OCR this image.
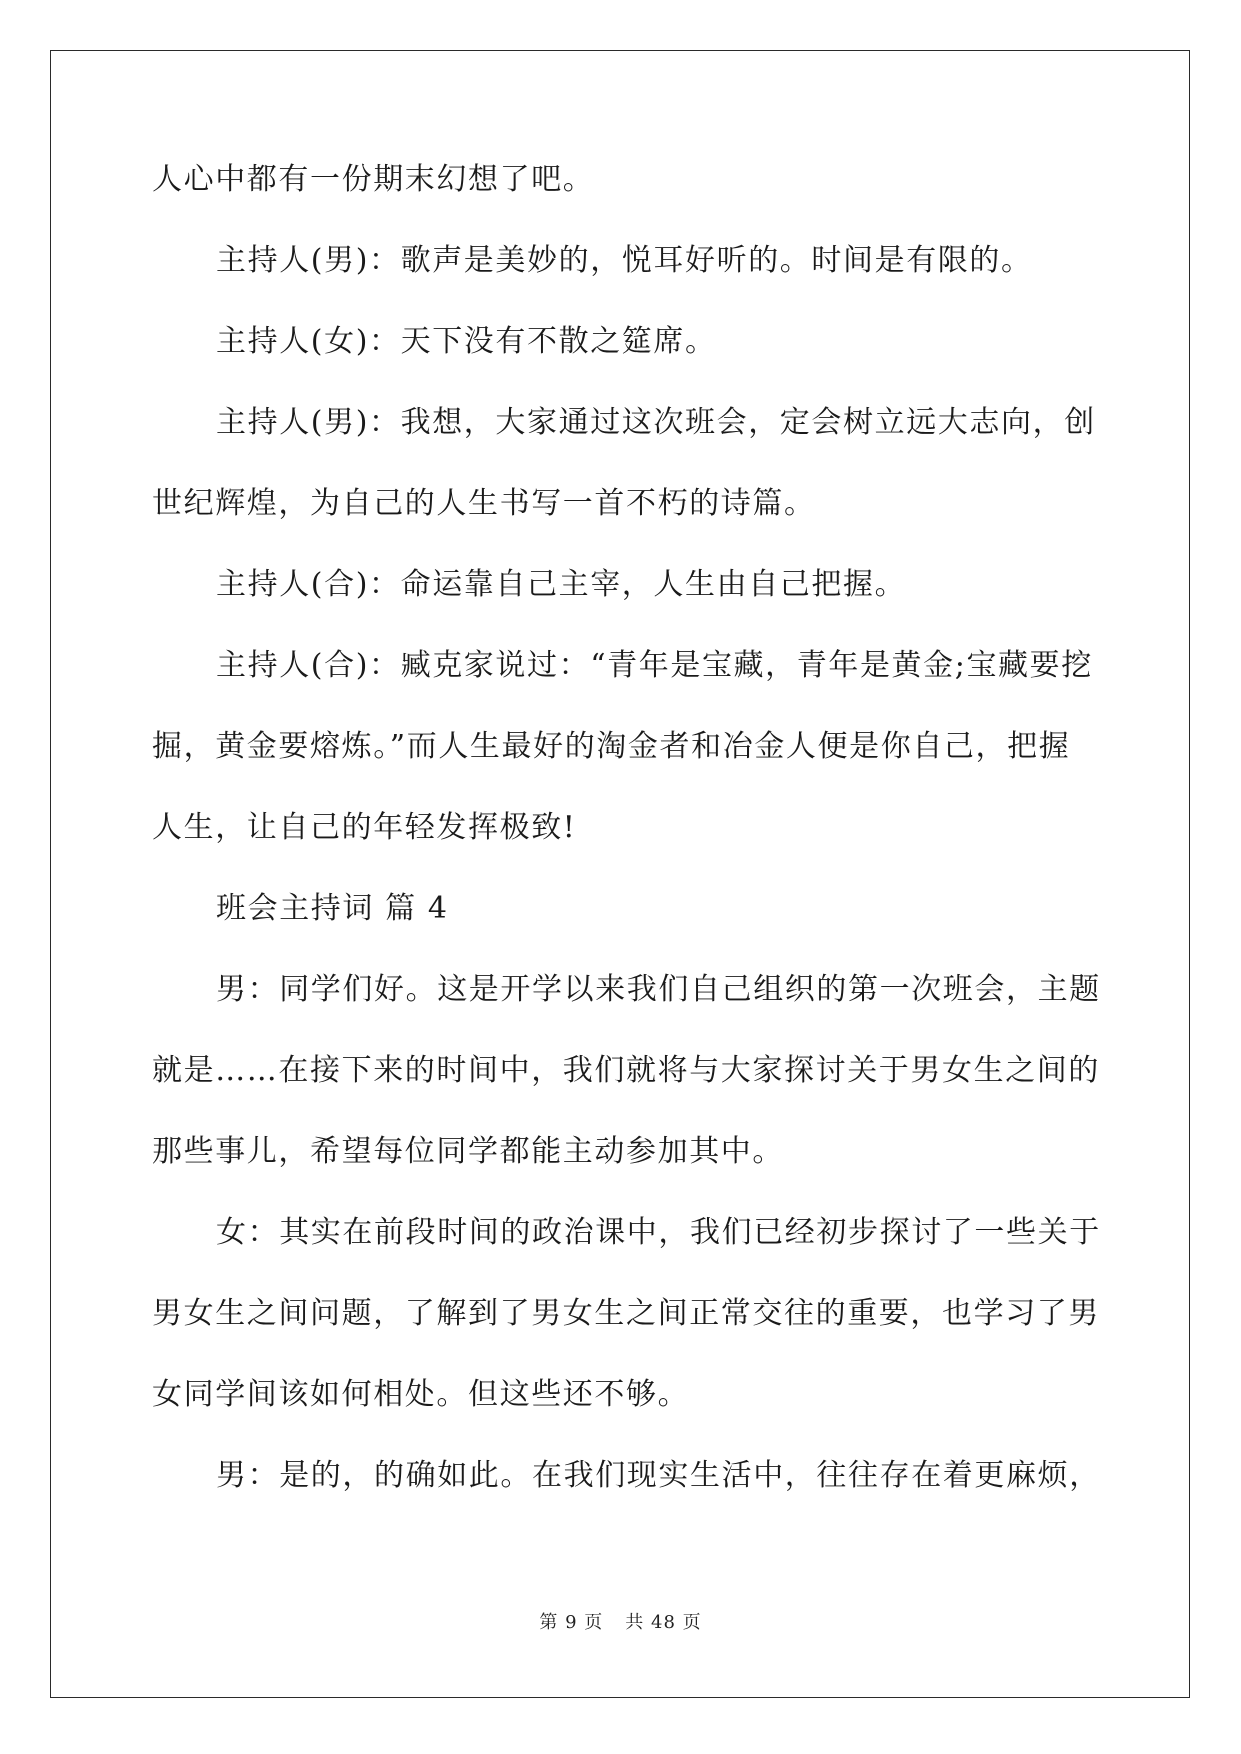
人心中都有一份期末幻想了吧。
主持人(男)：歌声是美妙的，悦耳好听的。时间是有限的。
主持人(女)：天下没有不散之筵席。
主持人(男)：我想，大家通过这次班会，定会树立远大志向，创
世纪辉煌，为自己的人生书写一首不朽的诗篇。
主持人(合)：命运靠自己主宰，人生由自己把握。
主持人(合)：臧克家说过：“青年是宝藏，青年是黄金;宝藏要挖
掘，黄金要熔炼。”而人生最好的淘金者和冶金人便是你自己，把握
人生，让自己的年轻发挥极致!
班会主持词 篇 4
男：同学们好。这是开学以来我们自己组织的第一次班会，主题
就是……在接下来的时间中，我们就将与大家探讨关于男女生之间的
那些事儿，希望每位同学都能主动参加其中。
女：其实在前段时间的政治课中，我们已经初步探讨了一些关于
男女生之间问题，了解到了男女生之间正常交往的重要，也学习了男
女同学间该如何相处。但这些还不够。
男：是的，的确如此。在我们现实生活中，往往存在着更麻烦，
第 9 页 共 48 页
